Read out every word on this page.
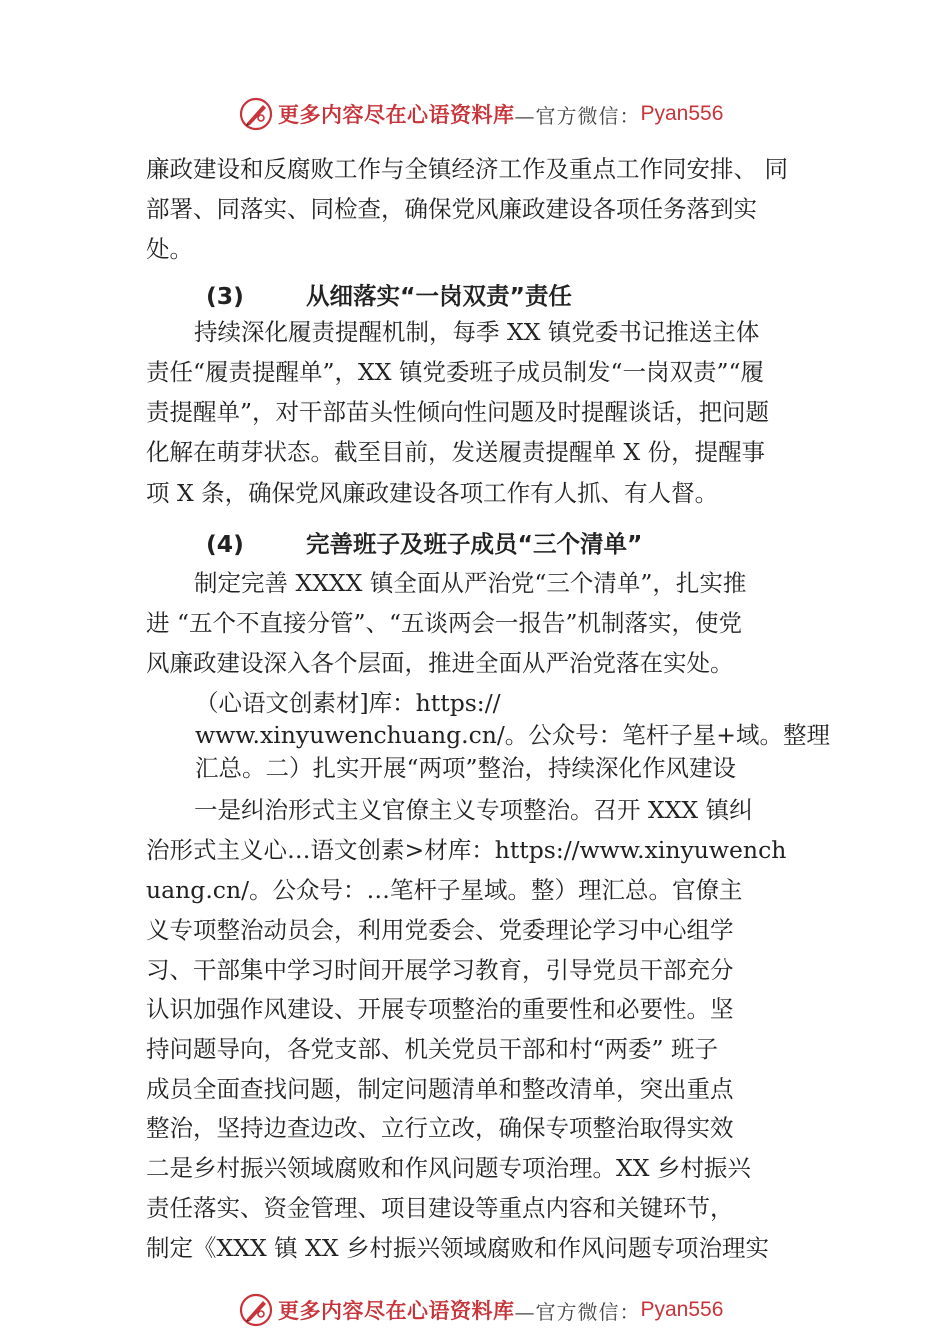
更多内容尽在心语资料库 —官方微信： Pyan556
廉政建设和反腐败工作与全镇经济工作及重点工作同安排、 同
部署、同落实、同检查，确保党风廉政建设各项任务落到实
处。
(3)	从细落实“一岗双责”责任
持续深化履责提醒机制，每季 XX 镇党委书记推送主体
责任“履责提醒单”，XX 镇党委班子成员制发“一岗双责”“履
责提醒单”，对干部苗头性倾向性问题及时提醒谈话，把问题
化解在萌芽状态。截至目前，发送履责提醒单 X 份，提醒事
项 X 条，确保党风廉政建设各项工作有人抓、有人督。
(4)	完善班子及班子成员“三个清单”
制定完善 XXXX 镇全面从严治党“三个清单”，扎实推
进 “五个不直接分管”、“五谈两会一报告”机制落实，使党
风廉政建设深入各个层面，推进全面从严治党落在实处。
（心语文创素材]库：https://
www.xinyuwenchuang.cn/。公众号：笔杆子星+域。整理
汇总。二）扎实开展“两项”整治，持续深化作风建设
一是纠治形式主义官僚主义专项整治。召开 XXX 镇纠
治形式主义心…语文创素>材库：https://www.xinyuwench
uang.cn/。公众号：…笔杆子星域。整）理汇总。官僚主
义专项整治动员会，利用党委会、党委理论学习中心组学
习、干部集中学习时间开展学习教育，引导党员干部充分
认识加强作风建设、开展专项整治的重要性和必要性。坚
持问题导向，各党支部、机关党员干部和村“两委” 班子
成员全面查找问题，制定问题清单和整改清单，突出重点
整治，坚持边查边改、立行立改，确保专项整治取得实效
二是乡村振兴领域腐败和作风问题专项治理。XX 乡村振兴
责任落实、资金管理、项目建设等重点内容和关键环节，
制定《XXX 镇 XX 乡村振兴领域腐败和作风问题专项治理实
更多内容尽在心语资料库 —官方微信： Pyan556
